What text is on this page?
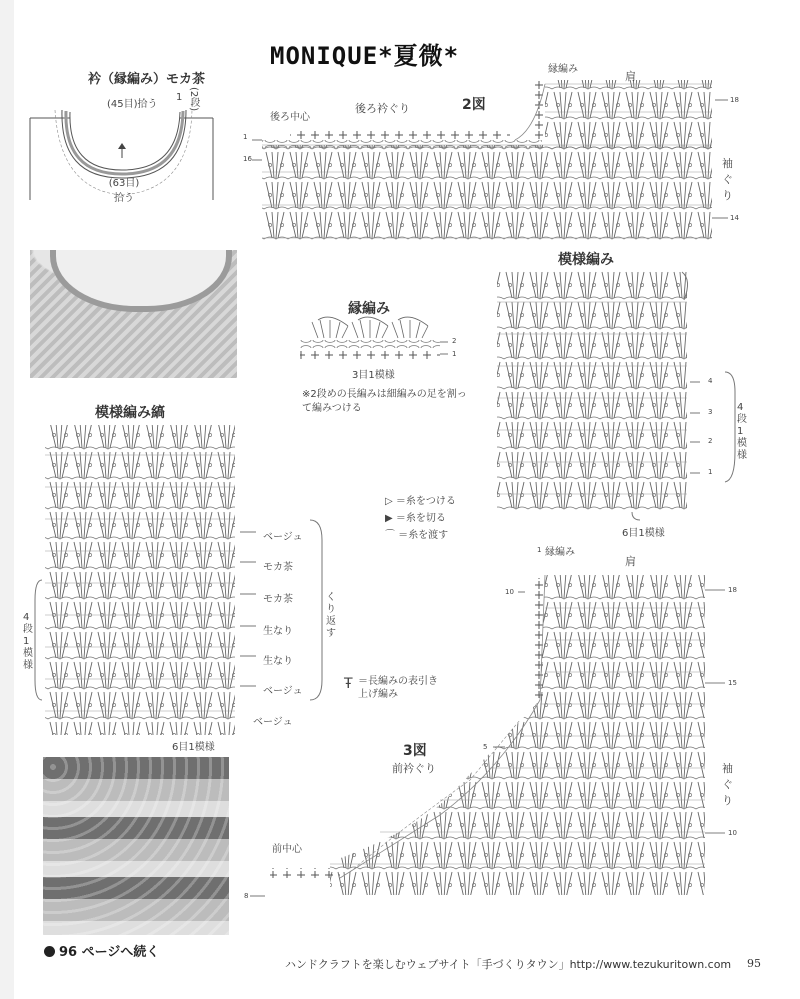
MONIQUE*夏微*
衿（縁編み）モカ茶
(45目)拾う
1 (2段)
(63目)拾う
2図
後ろ中心
後ろ衿ぐり
縁編み
肩
袖ぐり
1
16
18
14
縁編み
3目1模様
※2段めの長編みは細編みの足を割って編みつける
2
1
模様編み
4段1模様
6目1模様
4
3
2
1
▷ ＝糸をつける
▶ ＝糸を切る
⌒ ＝糸を渡す
＝長編みの表引き上げ編み
Ŧ
模様編み縞
ベージュ
モカ茶
モカ茶
生なり
生なり
ベージュ
ベージュ
くり返す
4段1模様
6目1模様	3図
前衿ぐり
前中心
縁編み
肩
袖ぐり
1
10	18
15
5
10
8
96 ページへ続く
ハンドクラフトを楽しむウェブサイト「手づくりタウン」http://www.tezukuritown.com 95
